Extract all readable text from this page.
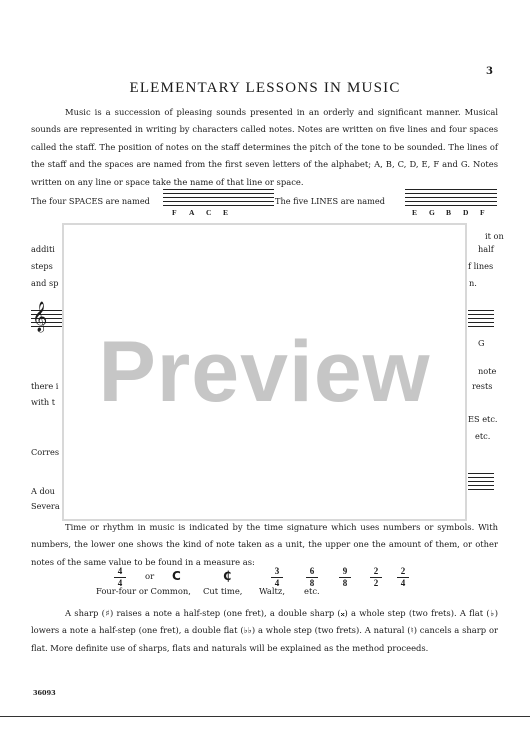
3
ELEMENTARY LESSONS IN MUSIC

Music is a succession of pleasing sounds presented in an orderly and significant manner. Musical sounds are represented in writing by characters called notes. Notes are written on five lines and four spaces called the staff. The position of notes on the staff determines the pitch of the tone to be sounded. The lines of the staff and the spaces are named from the first seven letters of the alphabet; A, B, C, D, E, F and G. Notes written on any line or space take the name of that line or space.

The four SPACES are named
F A C E
The five LINES are named
E G B D F
it on
additi	half
steps	f lines
and sp	n.
𝄞
G
note
there i	rests
with t
ES etc.
etc.
Corres
A dou
Severa
Preview

Time or rhythm in music is indicated by the time signature which uses numbers or symbols. With numbers, the lower one shows the kind of note taken as a unit, the upper one the amount of them, or other notes of the same value to be found in a measure as:

4
4
or C	₵	3
4
6
8
9
8
2
2
2
4
Four-four or Common, Cut time, Waltz, etc.

A sharp (♯) raises a note a half-step (one fret), a double sharp (𝄪) a whole step (two frets). A flat (♭) lowers a note a half-step (one fret), a double flat (♭♭) a whole step (two frets). A natural (♮) cancels a sharp or flat. More definite use of sharps, flats and naturals will be explained as the method proceeds.

36093
